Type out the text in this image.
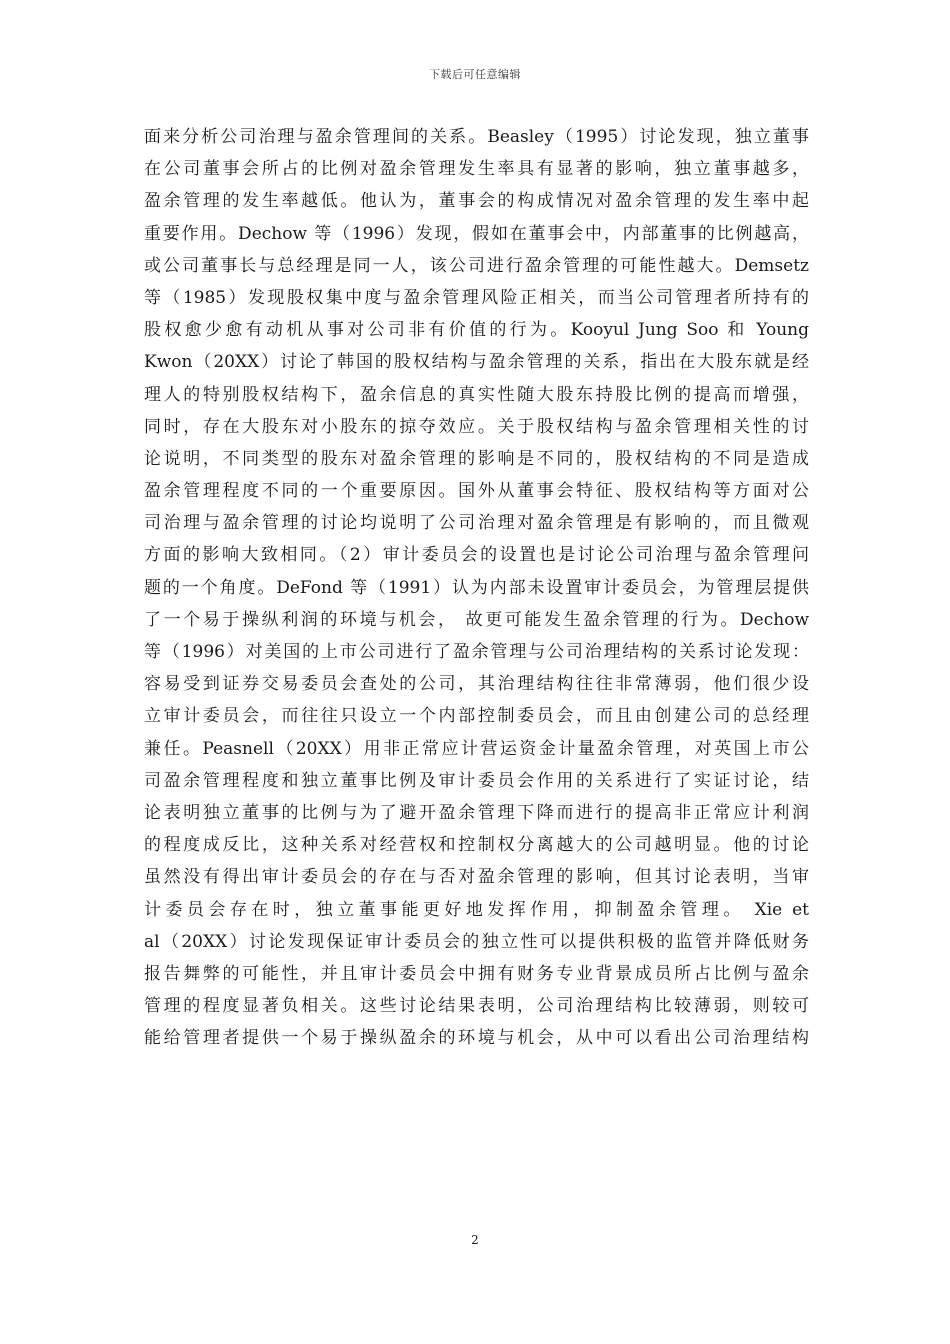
下载后可任意编辑
面来分析公司治理与盈余管理间的关系。Beasley（1995）讨论发现，独立董事
在公司董事会所占的比例对盈余管理发生率具有显著的影响，独立董事越多，
盈余管理的发生率越低。他认为，董事会的构成情况对盈余管理的发生率中起
重要作用。Dechow 等（1996）发现，假如在董事会中，内部董事的比例越高，
或公司董事长与总经理是同一人，该公司进行盈余管理的可能性越大。Demsetz
等（1985）发现股权集中度与盈余管理风险正相关，而当公司管理者所持有的
股权愈少愈有动机从事对公司非有价值的行为。Kooyul Jung Soo 和 Young
Kwon（20XX）讨论了韩国的股权结构与盈余管理的关系，指出在大股东就是经
理人的特别股权结构下，盈余信息的真实性随大股东持股比例的提高而增强，
同时，存在大股东对小股东的掠夺效应。关于股权结构与盈余管理相关性的讨
论说明，不同类型的股东对盈余管理的影响是不同的，股权结构的不同是造成
盈余管理程度不同的一个重要原因。国外从董事会特征、股权结构等方面对公
司治理与盈余管理的讨论均说明了公司治理对盈余管理是有影响的，而且微观
方面的影响大致相同。（2）审计委员会的设置也是讨论公司治理与盈余管理问
题的一个角度。DeFond 等（1991）认为内部未设置审计委员会，为管理层提供
了一个易于操纵利润的环境与机会， 故更可能发生盈余管理的行为。Dechow
等（1996）对美国的上市公司进行了盈余管理与公司治理结构的关系讨论发现：
容易受到证券交易委员会查处的公司，其治理结构往往非常薄弱，他们很少设
立审计委员会，而往往只设立一个内部控制委员会，而且由创建公司的总经理
兼任。Peasnell（20XX）用非正常应计营运资金计量盈余管理，对英国上市公
司盈余管理程度和独立董事比例及审计委员会作用的关系进行了实证讨论，结
论表明独立董事的比例与为了避开盈余管理下降而进行的提高非正常应计利润
的程度成反比，这种关系对经营权和控制权分离越大的公司越明显。他的讨论
虽然没有得出审计委员会的存在与否对盈余管理的影响，但其讨论表明，当审
计委员会存在时，独立董事能更好地发挥作用，抑制盈余管理。 Xie et
al（20XX）讨论发现保证审计委员会的独立性可以提供积极的监管并降低财务
报告舞弊的可能性，并且审计委员会中拥有财务专业背景成员所占比例与盈余
管理的程度显著负相关。这些讨论结果表明，公司治理结构比较薄弱，则较可
能给管理者提供一个易于操纵盈余的环境与机会，从中可以看出公司治理结构
2
